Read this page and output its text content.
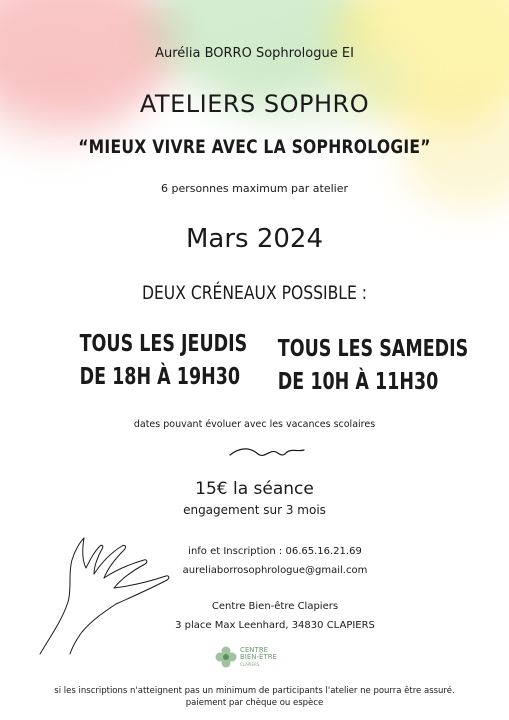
Aurélia BORRO Sophrologue EI
ATELIERS SOPHRO
“MIEUX VIVRE AVEC LA SOPHROLOGIE”
6 personnes maximum par atelier
Mars 2024
DEUX CRÉNEAUX POSSIBLE :
TOUS LES JEUDIS
DE 18H À 19H30
TOUS LES SAMEDIS
DE 10H À 11H30
dates pouvant évoluer avec les vacances scolaires
15€ la séance
engagement sur 3 mois
info et Inscription : 06.65.16.21.69
aureliaborrosophrologue@gmail.com
Centre Bien-être Clapiers
3 place Max Leenhard, 34830 CLAPIERS
CENTRE
BIEN-ÊTRE
CLAPIERS
si les inscriptions n'atteignent pas un minimum de participants l'atelier ne pourra être assuré.
paiement par chèque ou espèce
